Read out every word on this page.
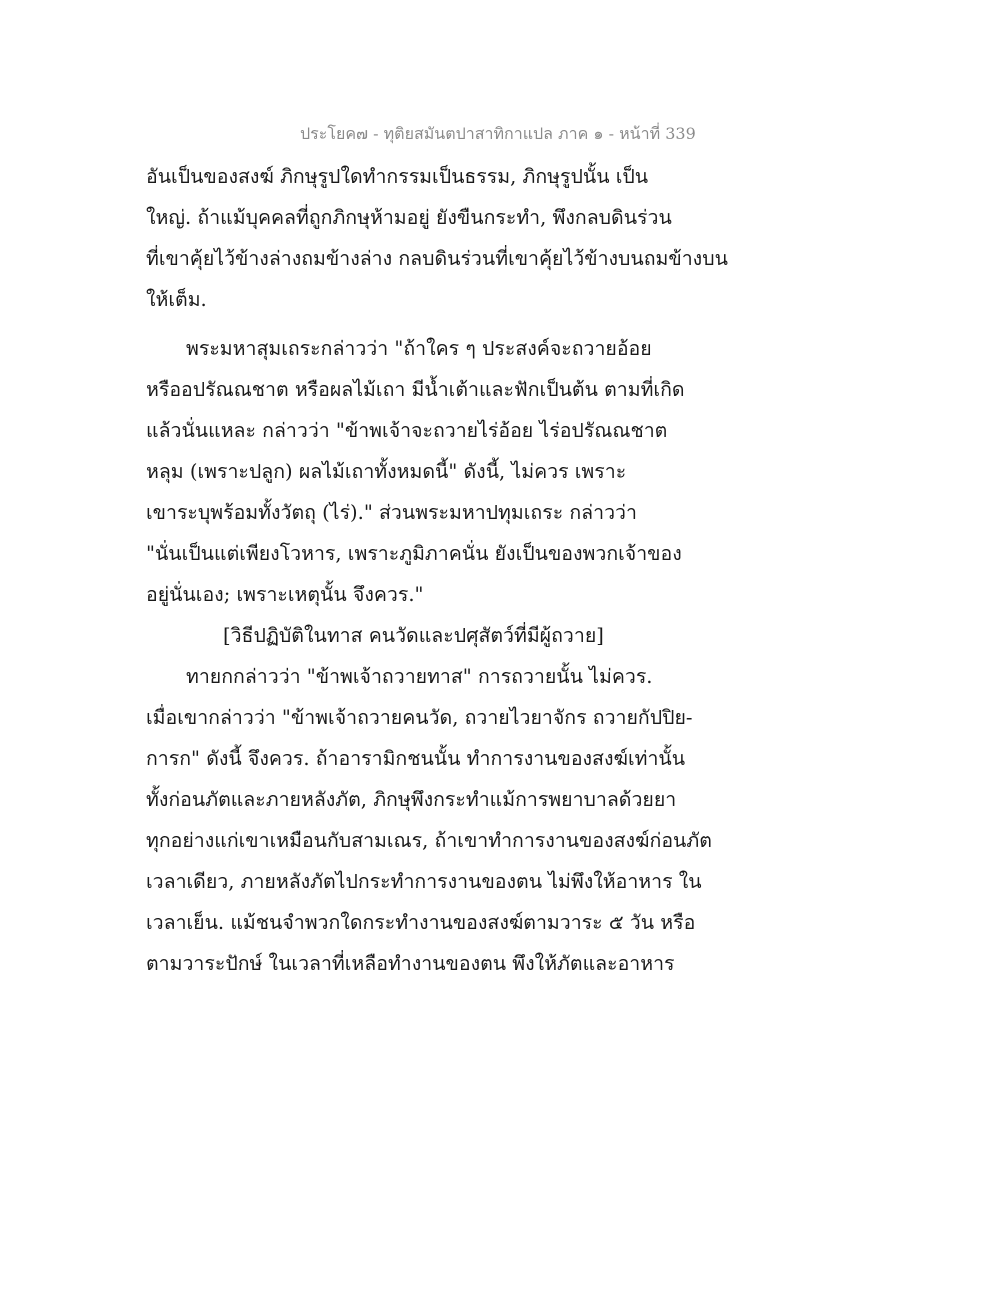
ประโยค๗ - ทุติยสมันตปาสาทิกาแปล ภาค ๑ - หน้าที่ 339
อันเป็นของสงฆ์ ภิกษุรูปใดทำกรรมเป็นธรรม, ภิกษุรูปนั้น เป็น
ใหญ่. ถ้าแม้บุคคลที่ถูกภิกษุห้ามอยู่ ยังขืนกระทำ, พึงกลบดินร่วน
ที่เขาคุ้ยไว้ข้างล่างถมข้างล่าง กลบดินร่วนที่เขาคุ้ยไว้ข้างบนถมข้างบน
ให้เต็ม.
พระมหาสุมเถระกล่าวว่า "ถ้าใคร ๆ ประสงค์จะถวายอ้อย
หรืออปรัณณชาต หรือผลไม้เถา มีน้ำเต้าและฟักเป็นต้น ตามที่เกิด
แล้วนั่นแหละ กล่าวว่า "ข้าพเจ้าจะถวายไร่อ้อย ไร่อปรัณณชาต
หลุม (เพราะปลูก) ผลไม้เถาทั้งหมดนี้" ดังนี้, ไม่ควร เพราะ
เขาระบุพร้อมทั้งวัตถุ (ไร่)." ส่วนพระมหาปทุมเถระ กล่าวว่า
"นั่นเป็นแต่เพียงโวหาร, เพราะภูมิภาคนั่น ยังเป็นของพวกเจ้าของ
อยู่นั่นเอง; เพราะเหตุนั้น จึงควร."
[วิธีปฏิบัติในทาส คนวัดและปศุสัตว์ที่มีผู้ถวาย]
ทายกกล่าวว่า "ข้าพเจ้าถวายทาส" การถวายนั้น ไม่ควร.
เมื่อเขากล่าวว่า "ข้าพเจ้าถวายคนวัด, ถวายไวยาจักร ถวายกัปปิย-
การก" ดังนี้ จึงควร. ถ้าอารามิกชนนั้น ทำการงานของสงฆ์เท่านั้น
ทั้งก่อนภัตและภายหลังภัต, ภิกษุพึงกระทำแม้การพยาบาลด้วยยา
ทุกอย่างแก่เขาเหมือนกับสามเณร, ถ้าเขาทำการงานของสงฆ์ก่อนภัต
เวลาเดียว, ภายหลังภัตไปกระทำการงานของตน ไม่พึงให้อาหาร ใน
เวลาเย็น. แม้ชนจำพวกใดกระทำงานของสงฆ์ตามวาระ ๕ วัน หรือ
ตามวาระปักษ์ ในเวลาที่เหลือทำงานของตน พึงให้ภัตและอาหาร
